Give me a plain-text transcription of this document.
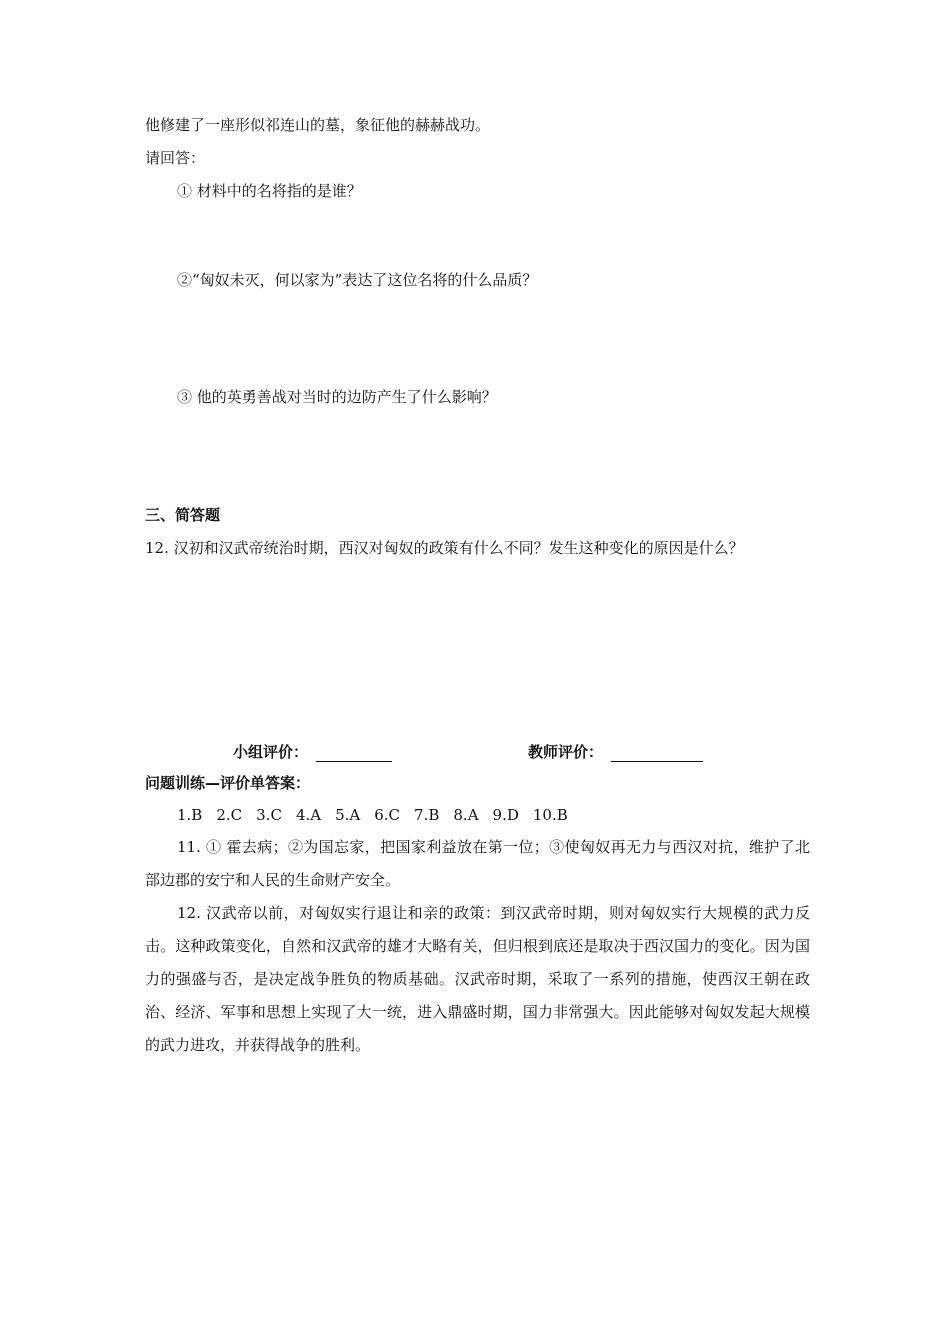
他修建了一座形似祁连山的墓，象征他的赫赫战功。
请回答：
① 材料中的名将指的是谁？
②“匈奴未灭，何以家为”表达了这位名将的什么品质？
③ 他的英勇善战对当时的边防产生了什么影响？
三、简答题
12. 汉初和汉武帝统治时期，西汉对匈奴的政策有什么不同？发生这种变化的原因是什么？
小组评价：	教师评价：
问题训练—评价单答案：
1.B 2.C 3.C 4.A 5.A 6.C 7.B 8.A 9.D 10.B
11. ① 霍去病；②为国忘家，把国家利益放在第一位；③使匈奴再无力与西汉对抗，维护了北部边郡的安宁和人民的生命财产安全。
12. 汉武帝以前，对匈奴实行退让和亲的政策：到汉武帝时期，则对匈奴实行大规模的武力反击。这种政策变化，自然和汉武帝的雄才大略有关，但归根到底还是取决于西汉国力的变化。因为国力的强盛与否，是决定战争胜负的物质基础。汉武帝时期，采取了一系列的措施，使西汉王朝在政治、经济、军事和思想上实现了大一统，进入鼎盛时期，国力非常强大。因此能够对匈奴发起大规模的武力进攻，并获得战争的胜利。
